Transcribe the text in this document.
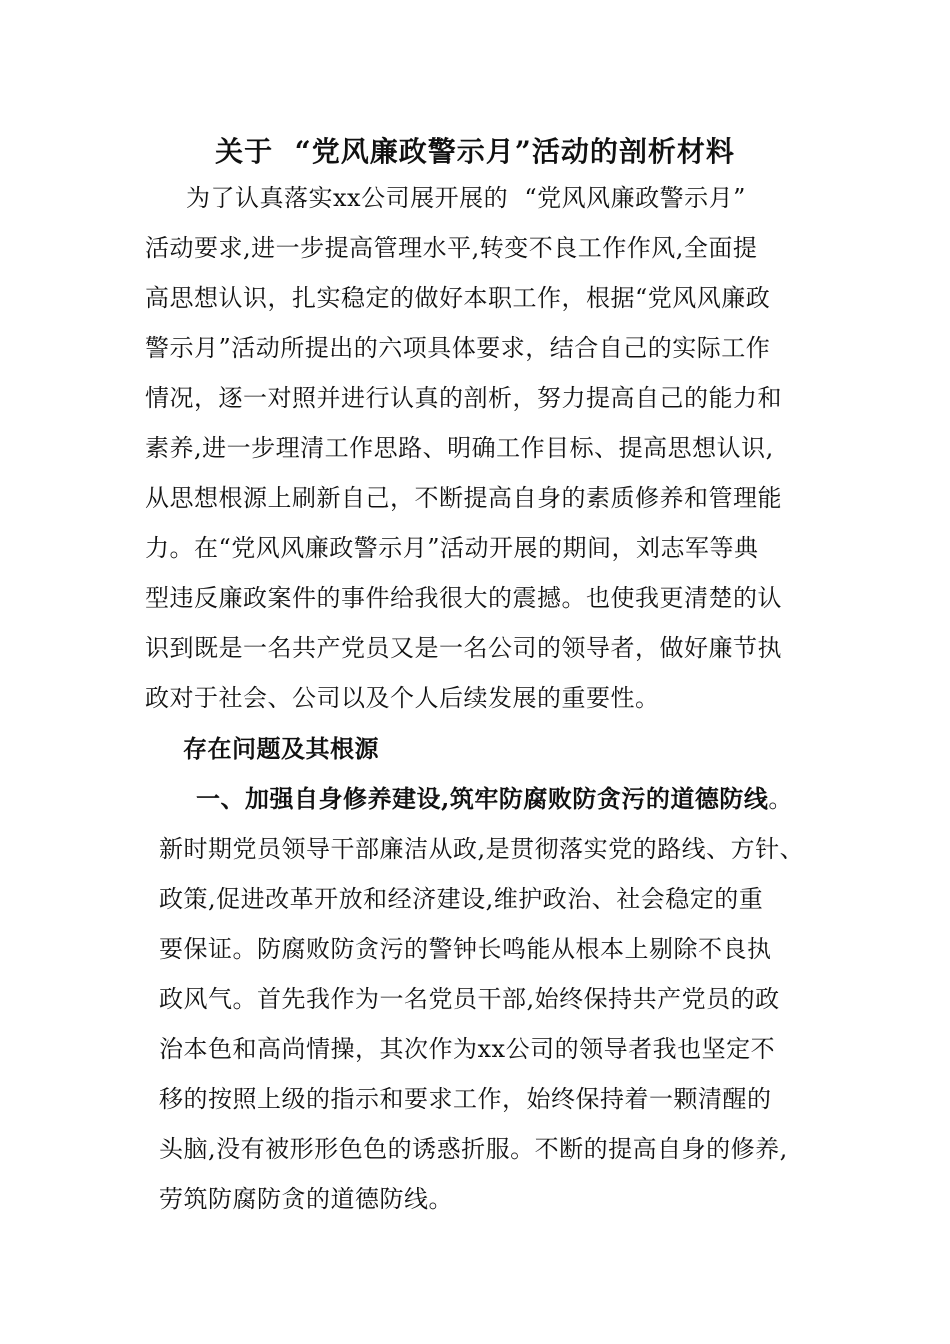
关于  “党风廉政警示月”活动的剖析材料
为了认真落实xx公司展开展的  “党风风廉政警示月”
活动要求,进一步提高管理水平,转变不良工作作风,全面提
高思想认识，扎实稳定的做好本职工作，根据“党风风廉政
警示月”活动所提出的六项具体要求，结合自己的实际工作
情况，逐一对照并进行认真的剖析，努力提高自己的能力和
素养,进一步理清工作思路、明确工作目标、提高思想认识,
从思想根源上刷新自己，不断提高自身的素质修养和管理能
力。在“党风风廉政警示月”活动开展的期间，刘志军等典
型违反廉政案件的事件给我很大的震撼。也使我更清楚的认
识到既是一名共产党员又是一名公司的领导者，做好廉节执
政对于社会、公司以及个人后续发展的重要性。
存在问题及其根源
一、加强自身修养建设,筑牢防腐败防贪污的道德防线。
新时期党员领导干部廉洁从政,是贯彻落实党的路线、方针、
政策,促进改革开放和经济建设,维护政治、社会稳定的重
要保证。防腐败防贪污的警钟长鸣能从根本上剔除不良执
政风气。首先我作为一名党员干部,始终保持共产党员的政
治本色和高尚情操，其次作为xx公司的领导者我也坚定不
移的按照上级的指示和要求工作，始终保持着一颗清醒的
头脑,没有被形形色色的诱惑折服。不断的提高自身的修养,
劳筑防腐防贪的道德防线。
